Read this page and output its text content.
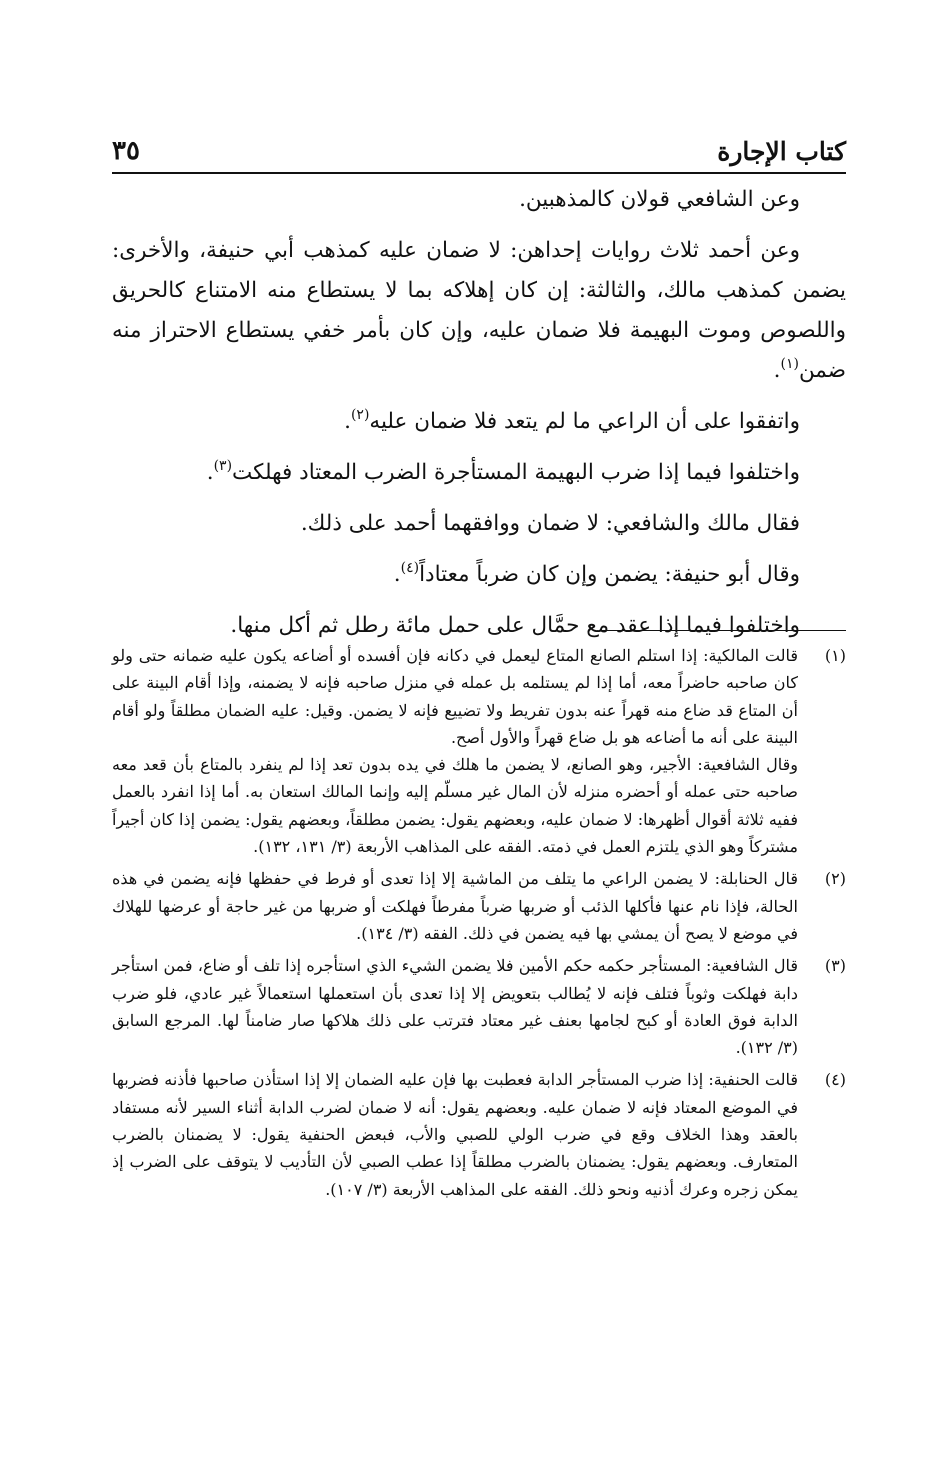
كتاب الإجارة
٣٥

وعن الشافعي قولان كالمذهبين.

وعن أحمد ثلاث روايات إحداهن: لا ضمان عليه كمذهب أبي حنيفة، والأخرى: يضمن كمذهب مالك، والثالثة: إن كان إهلاكه بما لا يستطاع منه الامتناع كالحريق واللصوص وموت البهيمة فلا ضمان عليه، وإن كان بأمر خفي يستطاع الاحتراز منه ضمن$^{(١)}$.

واتفقوا على أن الراعي ما لم يتعد فلا ضمان عليه$^{(٢)}$.

واختلفوا فيما إذا ضرب البهيمة المستأجرة الضرب المعتاد فهلكت$^{(٣)}$.

فقال مالك والشافعي: لا ضمان ووافقهما أحمد على ذلك.

وقال أبو حنيفة: يضمن وإن كان ضرباً معتاداً$^{(٤)}$.

واختلفوا فيما إذا عقد مع حمَّال على حمل مائة رطل ثم أكل منها.

(١)

قالت المالكية: إذا استلم الصانع المتاع ليعمل في دكانه فإن أفسده أو أضاعه يكون عليه ضمانه حتى ولو كان صاحبه حاضراً معه، أما إذا لم يستلمه بل عمله في منزل صاحبه فإنه لا يضمنه، وإذا أقام البينة على أن المتاع قد ضاع منه قهراً عنه بدون تفريط ولا تضييع فإنه لا يضمن. وقيل: عليه الضمان مطلقاً ولو أقام البينة على أنه ما أضاعه هو بل ضاع قهراً والأول أصح.

وقال الشافعية: الأجير، وهو الصانع، لا يضمن ما هلك في يده بدون تعد إذا لم ينفرد بالمتاع بأن قعد معه صاحبه حتى عمله أو أحضره منزله لأن المال غير مسلّم إليه وإنما المالك استعان به. أما إذا انفرد بالعمل ففيه ثلاثة أقوال أظهرها: لا ضمان عليه، وبعضهم يقول: يضمن مطلقاً، وبعضهم يقول: يضمن إذا كان أجيراً مشتركاً وهو الذي يلتزم العمل في ذمته. الفقه على المذاهب الأربعة (٣/ ١٣١، ١٣٢).

(٢)

قال الحنابلة: لا يضمن الراعي ما يتلف من الماشية إلا إذا تعدى أو فرط في حفظها فإنه يضمن في هذه الحالة، فإذا نام عنها فأكلها الذئب أو ضربها ضرباً مفرطاً فهلكت أو ضربها من غير حاجة أو عرضها للهلاك في موضع لا يصح أن يمشي بها فيه يضمن في ذلك. الفقه (٣/ ١٣٤).

(٣)

قال الشافعية: المستأجر حكمه حكم الأمين فلا يضمن الشيء الذي استأجره إذا تلف أو ضاع، فمن استأجر دابة فهلكت وثوباً فتلف فإنه لا يُطالب بتعويض إلا إذا تعدى بأن استعملها استعمالاً غير عادي، فلو ضرب الدابة فوق العادة أو كبح لجامها بعنف غير معتاد فترتب على ذلك هلاكها صار ضامناً لها. المرجع السابق (٣/ ١٣٢).

(٤)

قالت الحنفية: إذا ضرب المستأجر الدابة فعطبت بها فإن عليه الضمان إلا إذا استأذن صاحبها فأذنه فضربها في الموضع المعتاد فإنه لا ضمان عليه. وبعضهم يقول: أنه لا ضمان لضرب الدابة أثناء السير لأنه مستفاد بالعقد وهذا الخلاف وقع في ضرب الولي للصبي والأب، فبعض الحنفية يقول: لا يضمنان بالضرب المتعارف. وبعضهم يقول: يضمنان بالضرب مطلقاً إذا عطب الصبي لأن التأديب لا يتوقف على الضرب إذ يمكن زجره وعرك أذنيه ونحو ذلك. الفقه على المذاهب الأربعة (٣/ ١٠٧).
